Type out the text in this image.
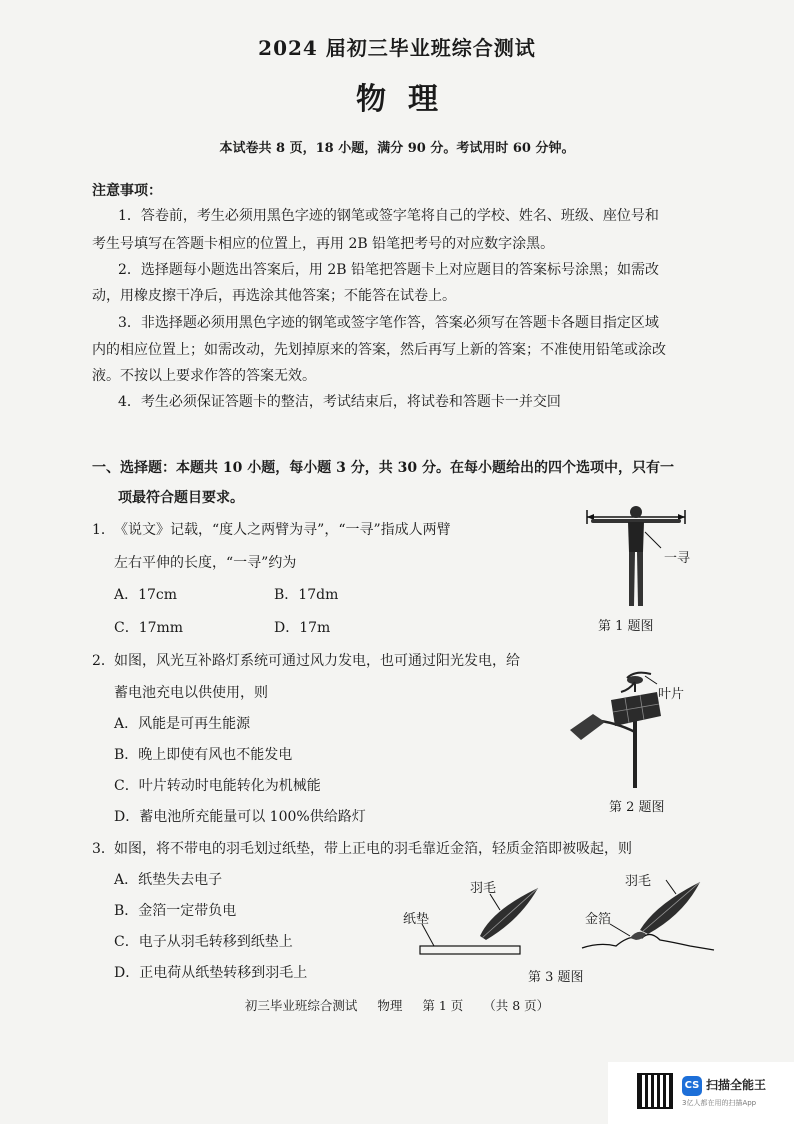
2024 届初三毕业班综合测试
物理
本试卷共 8 页，18 小题，满分 90 分。考试用时 60 分钟。
注意事项：
1．答卷前，考生必须用黑色字迹的钢笔或签字笔将自己的学校、姓名、班级、座位号和
考生号填写在答题卡相应的位置上，再用 2B 铅笔把考号的对应数字涂黑。
2．选择题每小题选出答案后，用 2B 铅笔把答题卡上对应题目的答案标号涂黑；如需改
动，用橡皮擦干净后，再选涂其他答案；不能答在试卷上。
3．非选择题必须用黑色字迹的钢笔或签字笔作答，答案必须写在答题卡各题目指定区域
内的相应位置上；如需改动，先划掉原来的答案，然后再写上新的答案；不准使用铅笔或涂改
液。不按以上要求作答的答案无效。
4．考生必须保证答题卡的整洁，考试结束后，将试卷和答题卡一并交回
一、选择题：本题共 10 小题，每小题 3 分，共 30 分。在每小题给出的四个选项中，只有一
项最符合题目要求。
1． 《说文》记载，“度人之两臂为寻”，“一寻”指成人两臂
左右平伸的长度，“一寻”约为
A．17cm	B．17dm
C．17mm	D．17m
一寻
第 1 题图
2． 如图，风光互补路灯系统可通过风力发电，也可通过阳光发电，给
蓄电池充电以供使用，则
A．风能是可再生能源
B．晚上即使有风也不能发电
C．叶片转动时电能转化为机械能
D．蓄电池所充能量可以 100%供给路灯
叶片
第 2 题图
3． 如图，将不带电的羽毛划过纸垫，带上正电的羽毛靠近金箔，轻质金箔即被吸起，则
A．纸垫失去电子
B．金箔一定带负电
C．电子从羽毛转移到纸垫上
D．正电荷从纸垫转移到羽毛上
羽毛
纸垫
羽毛
金箔
第 3 题图
初三毕业班综合测试 物理 第 1 页 （共 8 页）
CS 扫描全能王
3亿人都在用的扫描App
